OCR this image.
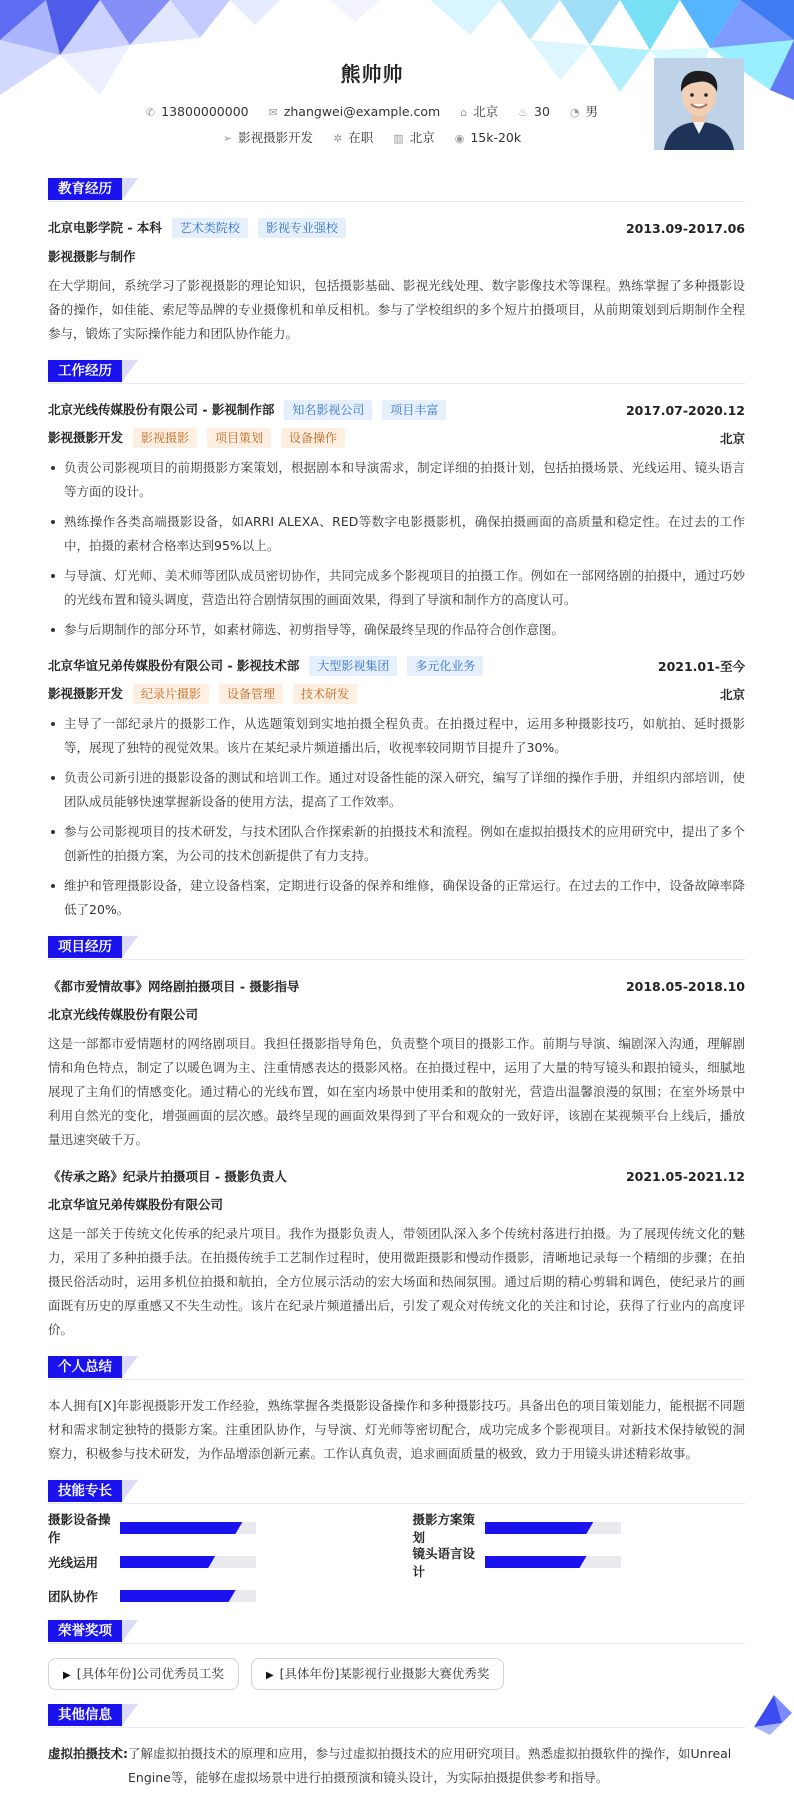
熊帅帅
✆ 13800000000 ✉ zhangwei@example.com ⌂ 北京 ♨ 30 ◔ 男
➢ 影视摄影开发 ✲ 在职 ▥ 北京 ◉ 15k-20k
教育经历
北京电影学院 - 本科 艺术类院校 影视专业强校	2013.09-2017.06
影视摄影与制作

在大学期间，系统学习了影视摄影的理论知识，包括摄影基础、影视光线处理、数字影像技术等课程。熟练掌握了多种摄影设备的操作，如佳能、索尼等品牌的专业摄像机和单反相机。参与了学校组织的多个短片拍摄项目，从前期策划到后期制作全程参与，锻炼了实际操作能力和团队协作能力。

工作经历
北京光线传媒股份有限公司 - 影视制作部 知名影视公司 项目丰富	2017.07-2020.12
影视摄影开发 影视摄影 项目策划 设备操作	北京
负责公司影视项目的前期摄影方案策划，根据剧本和导演需求，制定详细的拍摄计划，包括拍摄场景、光线运用、镜头语言等方面的设计。
熟练操作各类高端摄影设备，如ARRI ALEXA、RED等数字电影摄影机，确保拍摄画面的高质量和稳定性。在过去的工作中，拍摄的素材合格率达到95%以上。
与导演、灯光师、美术师等团队成员密切协作，共同完成多个影视项目的拍摄工作。例如在一部网络剧的拍摄中，通过巧妙的光线布置和镜头调度，营造出符合剧情氛围的画面效果，得到了导演和制作方的高度认可。
参与后期制作的部分环节，如素材筛选、初剪指导等，确保最终呈现的作品符合创作意图。
北京华谊兄弟传媒股份有限公司 - 影视技术部 大型影视集团 多元化业务	2021.01-至今
影视摄影开发 纪录片摄影 设备管理 技术研发	北京
主导了一部纪录片的摄影工作，从选题策划到实地拍摄全程负责。在拍摄过程中，运用多种摄影技巧，如航拍、延时摄影等，展现了独特的视觉效果。该片在某纪录片频道播出后，收视率较同期节目提升了30%。
负责公司新引进的摄影设备的测试和培训工作。通过对设备性能的深入研究，编写了详细的操作手册，并组织内部培训，使团队成员能够快速掌握新设备的使用方法，提高了工作效率。
参与公司影视项目的技术研发，与技术团队合作探索新的拍摄技术和流程。例如在虚拟拍摄技术的应用研究中，提出了多个创新性的拍摄方案，为公司的技术创新提供了有力支持。
维护和管理摄影设备，建立设备档案，定期进行设备的保养和维修，确保设备的正常运行。在过去的工作中，设备故障率降低了20%。
项目经历
《都市爱情故事》网络剧拍摄项目 - 摄影指导	2018.05-2018.10
北京光线传媒股份有限公司

这是一部都市爱情题材的网络剧项目。我担任摄影指导角色，负责整个项目的摄影工作。前期与导演、编剧深入沟通，理解剧情和角色特点，制定了以暖色调为主、注重情感表达的摄影风格。在拍摄过程中，运用了大量的特写镜头和跟拍镜头，细腻地展现了主角们的情感变化。通过精心的光线布置，如在室内场景中使用柔和的散射光，营造出温馨浪漫的氛围；在室外场景中利用自然光的变化，增强画面的层次感。最终呈现的画面效果得到了平台和观众的一致好评，该剧在某视频平台上线后，播放量迅速突破千万。

《传承之路》纪录片拍摄项目 - 摄影负责人	2021.05-2021.12
北京华谊兄弟传媒股份有限公司

这是一部关于传统文化传承的纪录片项目。我作为摄影负责人，带领团队深入多个传统村落进行拍摄。为了展现传统文化的魅力，采用了多种拍摄手法。在拍摄传统手工艺制作过程时，使用微距摄影和慢动作摄影，清晰地记录每一个精细的步骤；在拍摄民俗活动时，运用多机位拍摄和航拍，全方位展示活动的宏大场面和热闹氛围。通过后期的精心剪辑和调色，使纪录片的画面既有历史的厚重感又不失生动性。该片在纪录片频道播出后，引发了观众对传统文化的关注和讨论，获得了行业内的高度评价。

个人总结

本人拥有[X]年影视摄影开发工作经验，熟练掌握各类摄影设备操作和多种摄影技巧。具备出色的项目策划能力，能根据不同题材和需求制定独特的摄影方案。注重团队协作，与导演、灯光师等密切配合，成功完成多个影视项目。对新技术保持敏锐的洞察力，积极参与技术研发，为作品增添创新元素。工作认真负责，追求画面质量的极致，致力于用镜头讲述精彩故事。

技能专长
摄影设备操作
摄影方案策划
光线运用
镜头语言设计
团队协作
荣誉奖项
▶ [具体年份]公司优秀员工奖	▶ [具体年份]某影视行业摄影大赛优秀奖
其他信息
虚拟拍摄技术: 了解虚拟拍摄技术的原理和应用，参与过虚拟拍摄技术的应用研究项目。熟悉虚拟拍摄软件的操作，如Unreal Engine等，能够在虚拟场景中进行拍摄预演和镜头设计，为实际拍摄提供参考和指导。
